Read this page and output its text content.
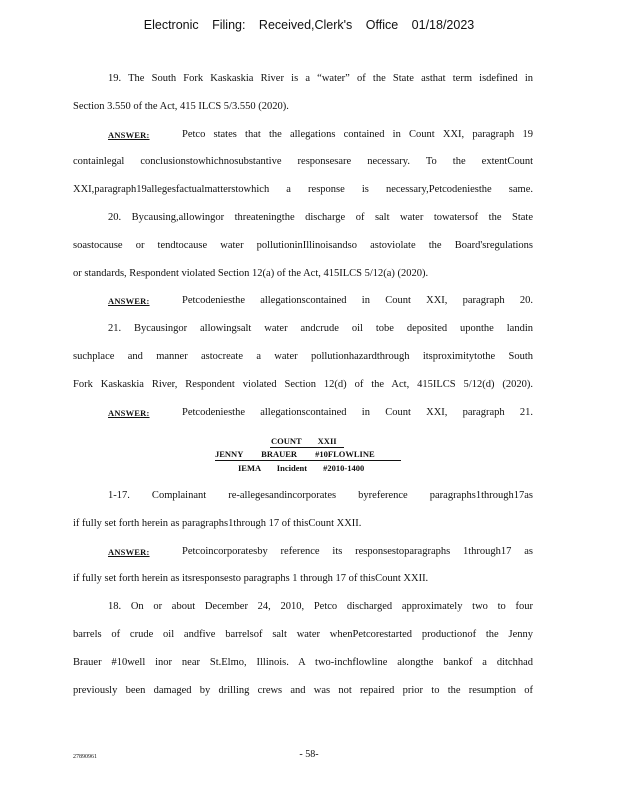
Electronic Filing: Received,Clerk's Office 01/18/2023
19. The South Fork Kaskaskia River is a “water” of the State asthat term isdefined in
Section 3.550 of the Act, 415 ILCS 5/3.550 (2020).
ANSWER:	Petco states that the allegations contained in Count XXI, paragraph 19
containlegal conclusionstowhichnosubstantive responsesare necessary. To the extentCount
XXI,paragraph19allegesfactualmatterstowhich a response is necessary,Petcodeniesthe same.
20. Bycausing,allowingor threateningthe discharge of salt water towatersof the State
soastocause or tendtocause water pollutioninIllinoisandso astoviolate the Board'sregulations
or standards, Respondent violated Section 12(a) of the Act, 415ILCS 5/12(a) (2020).
ANSWER:	Petcodeniesthe allegationscontained in Count XXI, paragraph 20.
21. Bycausingor allowingsalt water andcrude oil tobe deposited uponthe landin
suchplace and manner astocreate a water pollutionhazardthrough itsproximitytothe South
Fork Kaskaskia River, Respondent violated Section 12(d) of the Act, 415ILCS 5/12(d) (2020).
ANSWER:	Petcodeniesthe allegationscontained in Count XXI, paragraph 21.
COUNT XXII
JENNY BRAUER #10FLOWLINE
IEMA Incident #2010-1400
1-17. Complainant re-allegesandincorporates byreference paragraphs1through17as
if fully set forth herein as paragraphs1through 17 of thisCount XXII.
ANSWER:	Petcoincorporatesby reference its responsestoparagraphs 1through17 as
if fully set forth herein as itsresponsesto paragraphs 1 through 17 of thisCount XXII.
18. On or about December 24, 2010, Petco discharged approximately two to four
barrels of crude oil andfive barrelsof salt water whenPetcorestarted productionof the Jenny
Brauer #10well inor near St.Elmo, Illinois. A two-inchflowline alongthe bankof a ditchhad
previously been damaged by drilling crews and was not repaired prior to the resumption of
27890961	- 58-
